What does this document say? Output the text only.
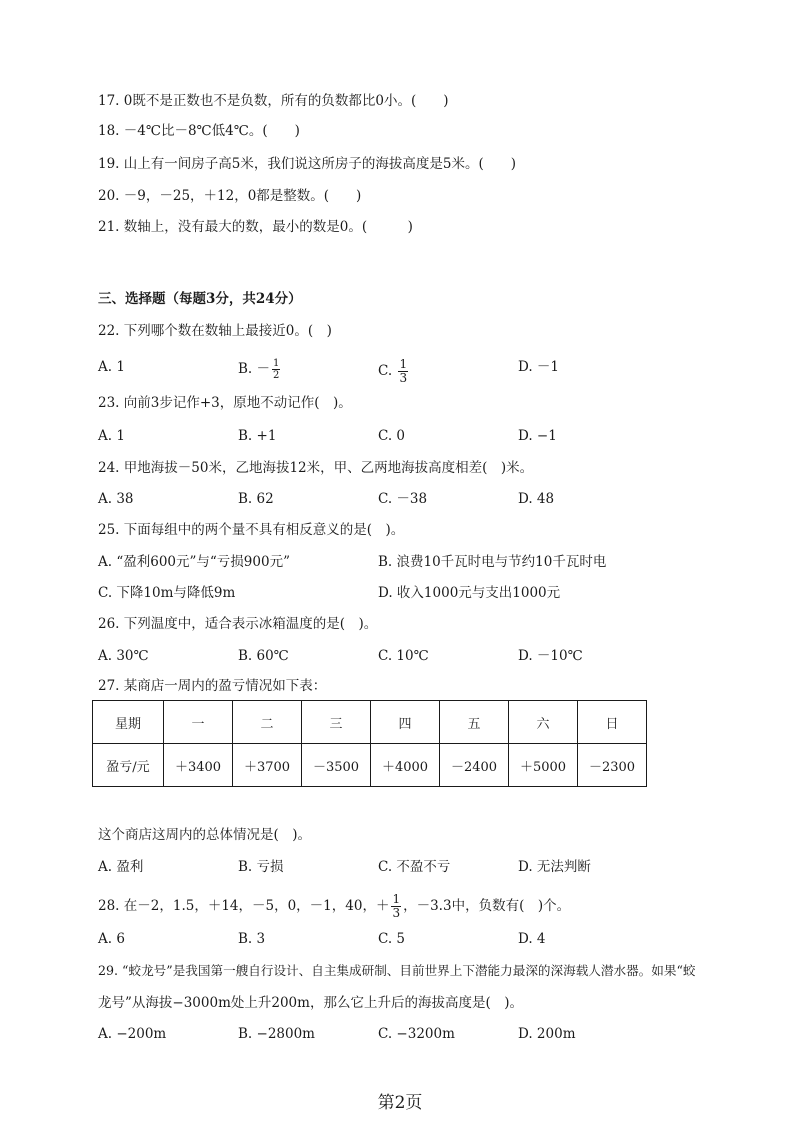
17. 0既不是正数也不是负数，所有的负数都比0小。(　　)
18. －4℃比－8℃低4℃。(　　)
19. 山上有一间房子高5米，我们说这所房子的海拔高度是5米。(　　)
20. －9，－25，＋12，0都是整数。(　　)
21. 数轴上，没有最大的数，最小的数是0。(　　　)
三、选择题（每题3分，共24分）
22. 下列哪个数在数轴上最接近0。(　)
A. 1	B. － $\frac{1}{2}$	C. $\frac{1}{3}$	D. －1
23. 向前3步记作+3，原地不动记作(　)。
A. 1	B. +1	C. 0	D. −1
24. 甲地海拔－50米，乙地海拔12米，甲、乙两地海拔高度相差(　)米。
A. 38	B. 62	C. －38	D. 48
25. 下面每组中的两个量不具有相反意义的是(　)。
A. “盈利600元”与“亏损900元”	B. 浪费10千瓦时电与节约10千瓦时电
C. 下降10m与降低9m	D. 收入1000元与支出1000元
26. 下列温度中，适合表示冰箱温度的是(　)。
A. 30℃	B. 60℃	C. 10℃	D. －10℃
27. 某商店一周内的盈亏情况如下表：
星期	一	二	三	四	五	六	日
盈亏/元	＋3400	＋3700	－3500	＋4000	－2400	＋5000	－2300
这个商店这周内的总体情况是(　)。
A. 盈利	B. 亏损	C. 不盈不亏	D. 无法判断
28. 在－2，1.5，＋14，－5，0，－1，40，＋ $\frac{1}{3}$ ，－3.3中，负数有(　)个。
A. 6	B. 3	C. 5	D. 4
29. “蛟龙号”是我国第一艘自行设计、自主集成研制、目前世界上下潜能力最深的深海载人潜水器。如果“蛟
龙号”从海拔−3000m处上升200m，那么它上升后的海拔高度是(　)。
A. −200m	B. −2800m	C. −3200m	D. 200m
第2页
